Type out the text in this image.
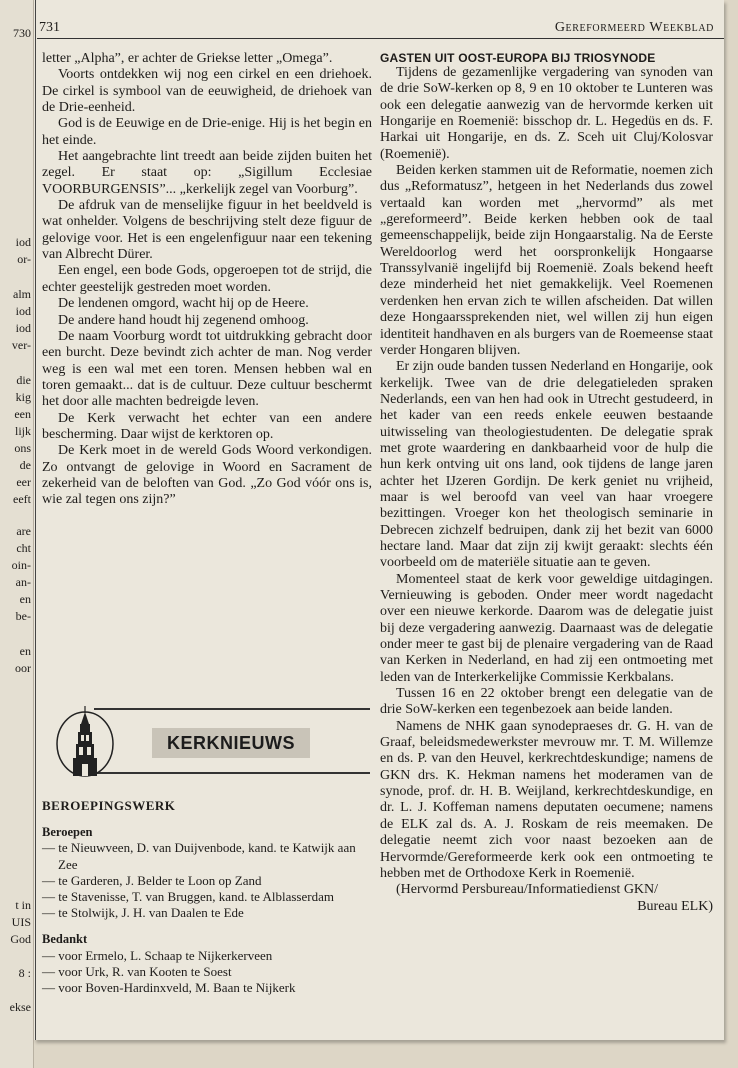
730
iod
or-
alm
iod
iod
ver-
die
kig
een
lijk
ons
de
eer
eeft
are
cht
oin-
an-
en
be-
en
oor
t in
UIS
God
8 :
ekse
731	Gereformeerd Weekblad

letter „Alpha”, er achter de Griekse letter „Omega”.

Voorts ontdekken wij nog een cirkel en een driehoek. De cirkel is symbool van de eeuwigheid, de driehoek van de Drie-eenheid.

God is de Eeuwige en de Drie-enige. Hij is het begin en het einde.

Het aangebrachte lint treedt aan beide zijden buiten het zegel. Er staat op: „Sigillum Ecclesiae VOORBURGENSIS”... „kerkelijk zegel van Voorburg”.

De afdruk van de menselijke figuur in het beeldveld is wat onhelder. Volgens de beschrijving stelt deze figuur de gelovige voor. Het is een engelenfiguur naar een tekening van Albrecht Dürer.

Een engel, een bode Gods, opgeroepen tot de strijd, die echter geestelijk gestreden moet worden.

De lendenen omgord, wacht hij op de Heere.

De andere hand houdt hij zegenend omhoog.

De naam Voorburg wordt tot uitdrukking gebracht door een burcht. Deze bevindt zich achter de man. Nog verder weg is een wal met een toren. Mensen hebben wal en toren gemaakt... dat is de cultuur. Deze cultuur beschermt het door alle machten bedreigde leven.

De Kerk verwacht het echter van een andere bescherming. Daar wijst de kerktoren op.

De Kerk moet in de wereld Gods Woord verkondigen. Zo ontvangt de gelovige in Woord en Sacrament de zekerheid van de beloften van God. „Zo God vóór ons is, wie zal tegen ons zijn?”

KERKNIEUWS
BEROEPINGSWERK
Beroepen
— te Nieuwveen, D. van Duijvenbode, kand. te Katwijk aan Zee
— te Garderen, J. Belder te Loon op Zand
— te Stavenisse, T. van Bruggen, kand. te Alblasserdam
— te Stolwijk, J. H. van Daalen te Ede
Bedankt
— voor Ermelo, L. Schaap te Nijkerkerveen
— voor Urk, R. van Kooten te Soest
— voor Boven-Hardinxveld, M. Baan te Nijkerk
GASTEN UIT OOST-EUROPA BIJ TRIOSYNODE

Tijdens de gezamenlijke vergadering van synoden van de drie SoW-kerken op 8, 9 en 10 oktober te Lunteren was ook een delegatie aanwezig van de hervormde kerken uit Hongarije en Roemenië: bisschop dr. L. Hegedüs en ds. F. Harkai uit Hongarije, en ds. Z. Sceh uit Cluj/Kolosvar (Roemenië).

Beiden kerken stammen uit de Reformatie, noemen zich dus „Reformatusz”, hetgeen in het Nederlands dus zowel vertaald kan worden met „hervormd” als met „gereformeerd”. Beide kerken hebben ook de taal gemeenschappelijk, beide zijn Hongaarstalig. Na de Eerste Wereldoorlog werd het oorspronkelijk Hongaarse Transsylvanië ingelijfd bij Roemenië. Zoals bekend heeft deze minderheid het niet gemakkelijk. Veel Roemenen verdenken hen ervan zich te willen afscheiden. Dat willen deze Hongaarssprekenden niet, wel willen zij hun eigen identiteit handhaven en als burgers van de Roemeense staat verder Hongaren blijven.

Er zijn oude banden tussen Nederland en Hongarije, ook kerkelijk. Twee van de drie delegatieleden spraken Nederlands, een van hen had ook in Utrecht gestudeerd, in het kader van een reeds enkele eeuwen bestaande uitwisseling van theologiestudenten. De delegatie sprak met grote waardering en dankbaarheid voor de hulp die hun kerk ontving uit ons land, ook tijdens de lange jaren achter het IJzeren Gordijn. De kerk geniet nu vrijheid, maar is wel beroofd van veel van haar vroegere bezittingen. Vroeger kon het theologisch seminarie in Debrecen zichzelf bedruipen, dank zij het bezit van 6000 hectare land. Maar dat zijn zij kwijt geraakt: slechts één voorbeeld om de materiële situatie aan te geven.

Momenteel staat de kerk voor geweldige uitdagingen. Vernieuwing is geboden. Onder meer wordt nagedacht over een nieuwe kerkorde. Daarom was de delegatie juist bij deze vergadering aanwezig. Daarnaast was de delegatie onder meer te gast bij de plenaire vergadering van de Raad van Kerken in Nederland, en had zij een ontmoeting met leden van de Interkerkelijke Commissie Kerkbalans.

Tussen 16 en 22 oktober brengt een delegatie van de drie SoW-kerken een tegenbezoek aan beide landen.

Namens de NHK gaan synodepraeses dr. G. H. van de Graaf, beleidsmedewerkster mevrouw mr. T. M. Willemze en ds. P. van den Heuvel, kerkrechtdeskundige; namens de GKN drs. K. Hekman namens het moderamen van de synode, prof. dr. H. B. Weijland, kerkrechtdeskundige, en dr. L. J. Koffeman namens deputaten oecumene; namens de ELK zal ds. A. J. Roskam de reis meemaken. De delegatie neemt zich voor naast bezoeken aan de Hervormde/Gereformeerde kerk ook een ontmoeting te hebben met de Orthodoxe Kerk in Roemenië.

(Hervormd Persbureau/Informatiedienst GKN/

Bureau ELK)
